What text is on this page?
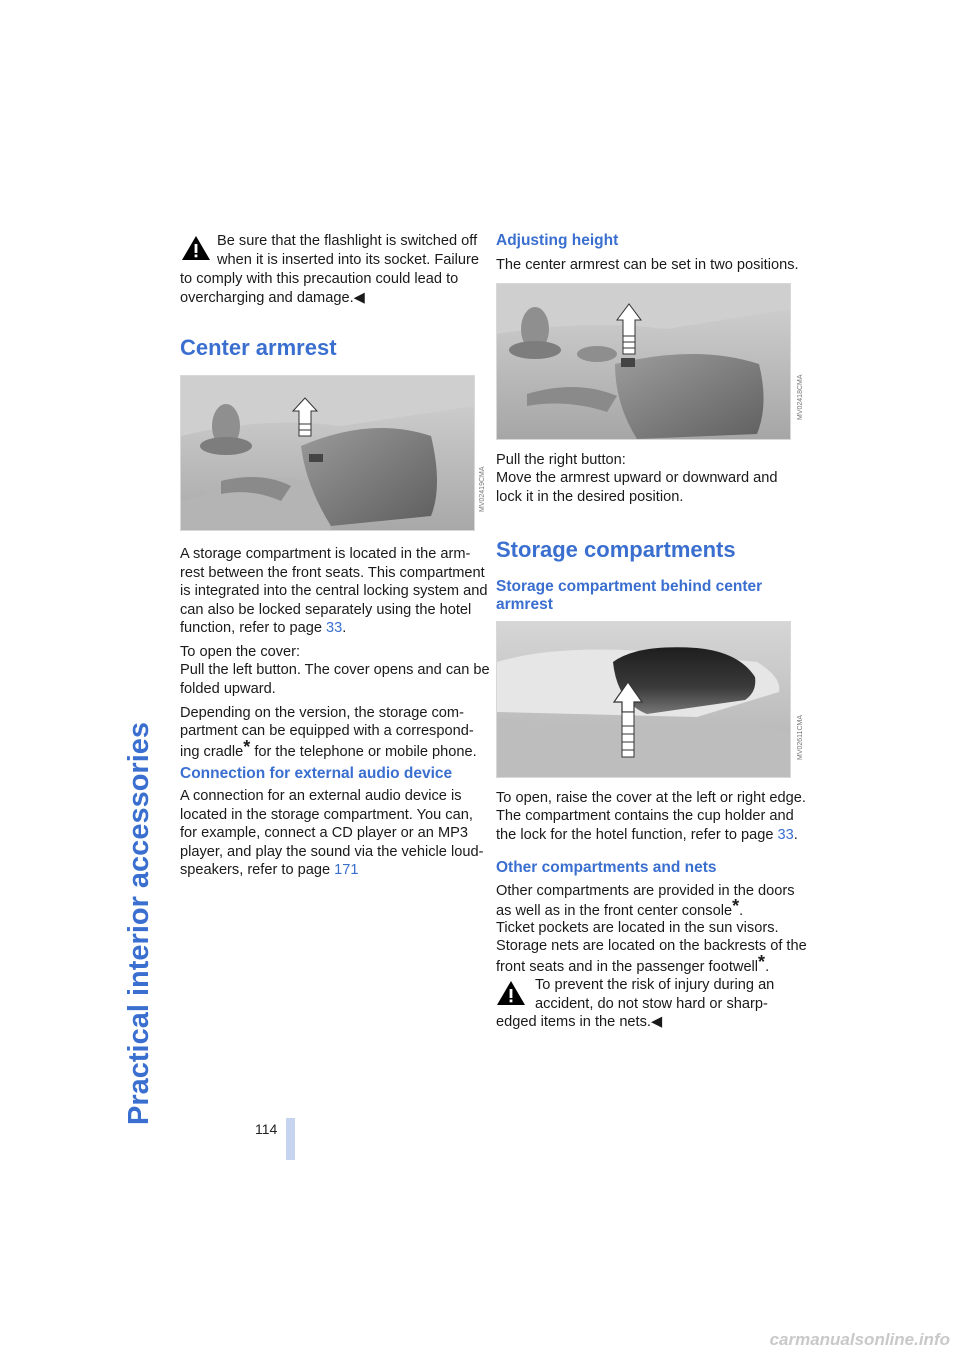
Practical interior accessories
114

Be sure that the flashlight is switched off

when it is inserted into its socket. Failure

to comply with this precaution could lead to

overcharging and damage.◀

Center armrest
MV02419CMA

A storage compartment is located in the arm-

rest between the front seats. This compartment

is integrated into the central locking system and

can also be locked separately using the hotel

function, refer to page 33.

To open the cover:

Pull the left button. The cover opens and can be

folded upward.

Depending on the version, the storage com-

partment can be equipped with a correspond-

ing cradle* for the telephone or mobile phone.

Connection for external audio device

A connection for an external audio device is

located in the storage compartment. You can,

for example, connect a CD player or an MP3

player, and play the sound via the vehicle loud-

speakers, refer to page 171

Adjusting height

The center armrest can be set in two positions.

MV02418CMA

Pull the right button:

Move the armrest upward or downward and

lock it in the desired position.

Storage compartments
Storage compartment behind center
armrest
MV02611CMA

To open, raise the cover at the left or right edge.

The compartment contains the cup holder and

the lock for the hotel function, refer to page 33.

Other compartments and nets

Other compartments are provided in the doors

as well as in the front center console*.

Ticket pockets are located in the sun visors.

Storage nets are located on the backrests of the

front seats and in the passenger footwell*.

To prevent the risk of injury during an

accident, do not stow hard or sharp-

edged items in the nets.◀

carmanualsonline.info
